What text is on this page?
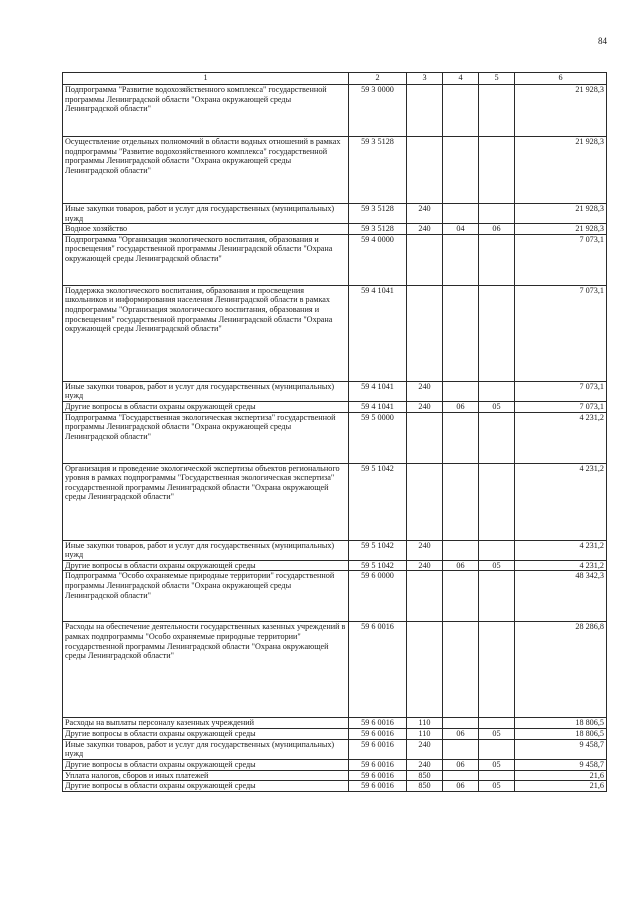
84
1	2	3	4	5	6
Подпрограмма "Развитие водохозяйственного комплекса" государственной программы Ленинградской области "Охрана окружающей среды Ленинградской области"	59 3 0000				21 928,3
Осуществление отдельных полномочий в области водных отношений в рамках подпрограммы "Развитие водохозяйственного комплекса" государственной программы Ленинградской области "Охрана окружающей среды Ленинградской области"	59 3 5128				21 928,3
Иные закупки товаров, работ и услуг для государственных (муниципальных) нужд	59 3 5128	240			21 928,3
Водное хозяйство	59 3 5128	240	04	06	21 928,3
Подпрограмма "Организация экологического воспитания, образования и просвещения" государственной программы Ленинградской области "Охрана окружающей среды Ленинградской области"	59 4 0000				7 073,1
Поддержка экологического воспитания, образования и просвещения школьников и информирования населения Ленинградской области в рамках подпрограммы "Организация экологического воспитания, образования и просвещения" государственной программы Ленинградской области "Охрана окружающей среды Ленинградской области"	59 4 1041				7 073,1
Иные закупки товаров, работ и услуг для государственных (муниципальных) нужд	59 4 1041	240			7 073,1
Другие вопросы в области охраны окружающей среды	59 4 1041	240	06	05	7 073,1
Подпрограмма "Государственная экологическая экспертиза" государственной программы Ленинградской области "Охрана окружающей среды Ленинградской области"	59 5 0000				4 231,2
Организация и проведение экологической экспертизы объектов регионального уровня в рамках подпрограммы "Государственная экологическая экспертиза" государственной программы Ленинградской области "Охрана окружающей среды Ленинградской области"	59 5 1042				4 231,2
Иные закупки товаров, работ и услуг для государственных (муниципальных) нужд	59 5 1042	240			4 231,2
Другие вопросы в области охраны окружающей среды	59 5 1042	240	06	05	4 231,2
Подпрограмма "Особо охраняемые природные территории" государственной программы Ленинградской области "Охрана окружающей среды Ленинградской области"	59 6 0000				48 342,3
Расходы на обеспечение деятельности государственных казенных учреждений в рамках подпрограммы "Особо охраняемые природные территории" государственной программы Ленинградской области "Охрана окружающей среды Ленинградской области"	59 6 0016				28 286,8
Расходы на выплаты персоналу казенных учреждений	59 6 0016	110			18 806,5
Другие вопросы в области охраны окружающей среды	59 6 0016	110	06	05	18 806,5
Иные закупки товаров, работ и услуг для государственных (муниципальных) нужд	59 6 0016	240			9 458,7
Другие вопросы в области охраны окружающей среды	59 6 0016	240	06	05	9 458,7
Уплата налогов, сборов и иных платежей	59 6 0016	850			21,6
Другие вопросы в области охраны окружающей среды	59 6 0016	850	06	05	21,6
